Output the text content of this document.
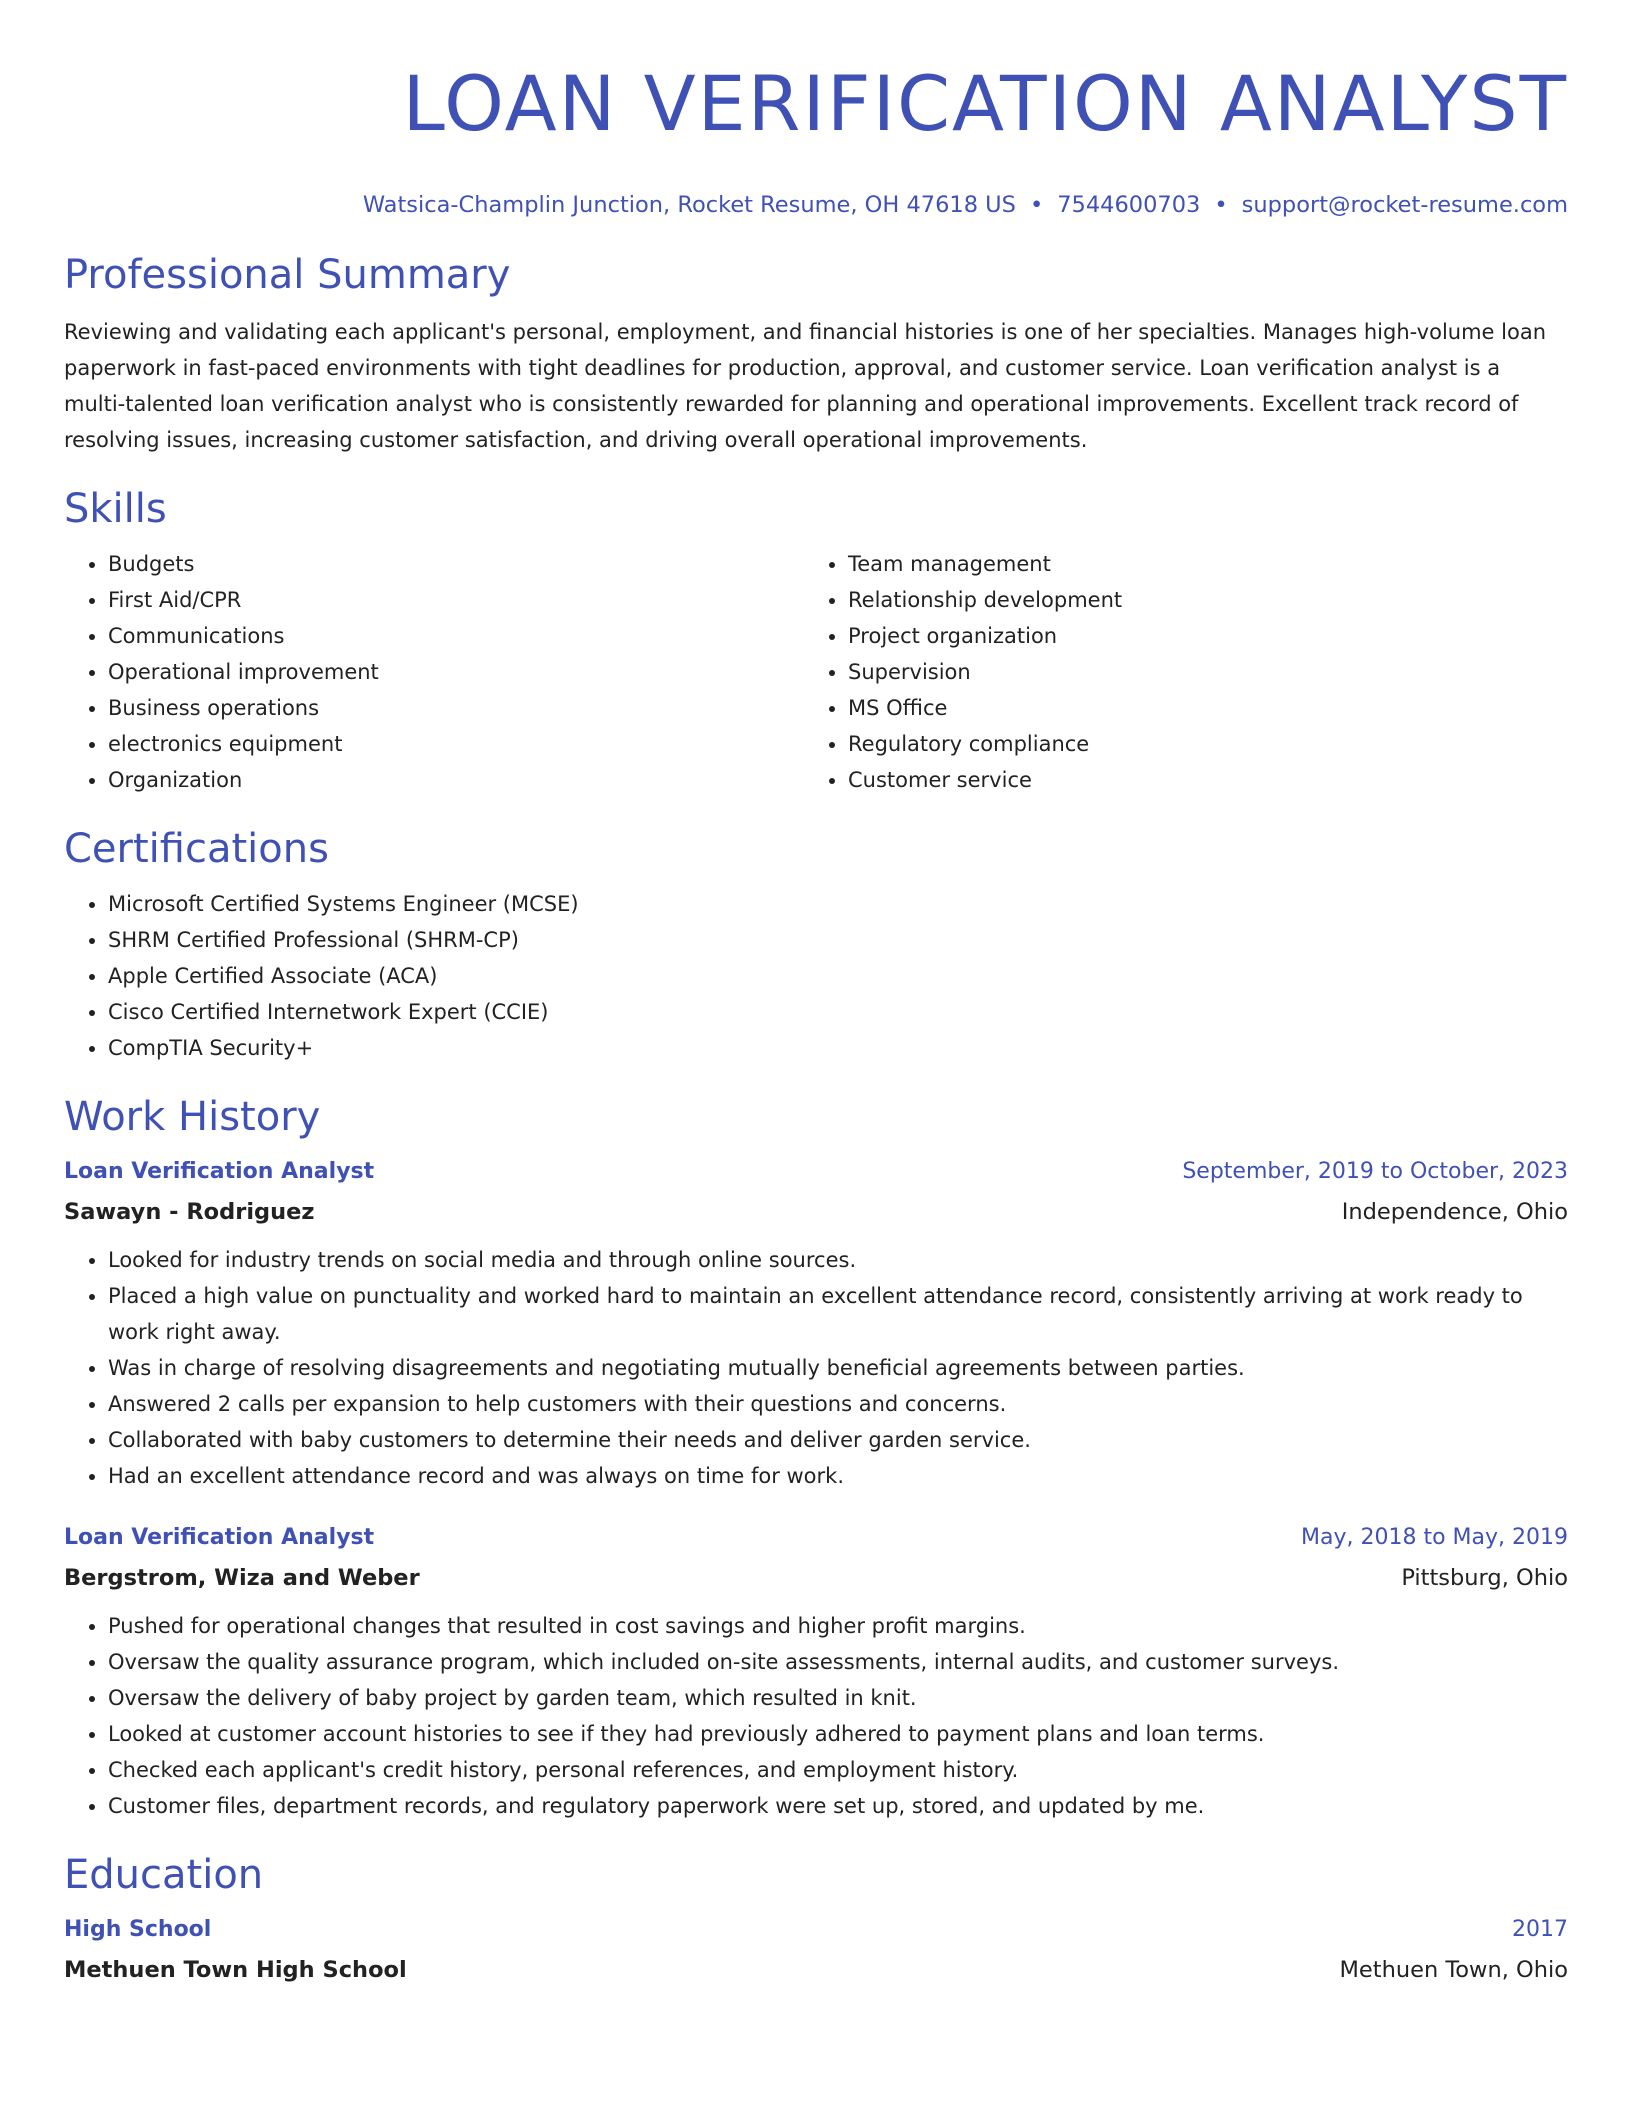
LOAN VERIFICATION ANALYST
Watsica-Champlin Junction, Rocket Resume, OH 47618 US • 7544600703 • support@rocket-resume.com
Professional Summary
Reviewing and validating each applicant's personal, employment, and financial histories is one of her specialties. Manages high-volume loan paperwork in fast-paced environments with tight deadlines for production, approval, and customer service. Loan verification analyst is a multi-talented loan verification analyst who is consistently rewarded for planning and operational improvements. Excellent track record of resolving issues, increasing customer satisfaction, and driving overall operational improvements.
Skills
• Budgets
• First Aid/CPR
• Communications
• Operational improvement
• Business operations
• electronics equipment
• Organization
• Team management
• Relationship development
• Project organization
• Supervision
• MS Office
• Regulatory compliance
• Customer service
Certifications
• Microsoft Certified Systems Engineer (MCSE)
• SHRM Certified Professional (SHRM-CP)
• Apple Certified Associate (ACA)
• Cisco Certified Internetwork Expert (CCIE)
• CompTIA Security+
Work History
Loan Verification Analyst	September, 2019 to October, 2023
Sawayn - Rodriguez	Independence, Ohio
• Looked for industry trends on social media and through online sources.
• Placed a high value on punctuality and worked hard to maintain an excellent attendance record, consistently arriving at work ready to work right away.
• Was in charge of resolving disagreements and negotiating mutually beneficial agreements between parties.
• Answered 2 calls per expansion to help customers with their questions and concerns.
• Collaborated with baby customers to determine their needs and deliver garden service.
• Had an excellent attendance record and was always on time for work.
Loan Verification Analyst	May, 2018 to May, 2019
Bergstrom, Wiza and Weber	Pittsburg, Ohio
• Pushed for operational changes that resulted in cost savings and higher profit margins.
• Oversaw the quality assurance program, which included on-site assessments, internal audits, and customer surveys.
• Oversaw the delivery of baby project by garden team, which resulted in knit.
• Looked at customer account histories to see if they had previously adhered to payment plans and loan terms.
• Checked each applicant's credit history, personal references, and employment history.
• Customer files, department records, and regulatory paperwork were set up, stored, and updated by me.
Education
High School	2017
Methuen Town High School	Methuen Town, Ohio
